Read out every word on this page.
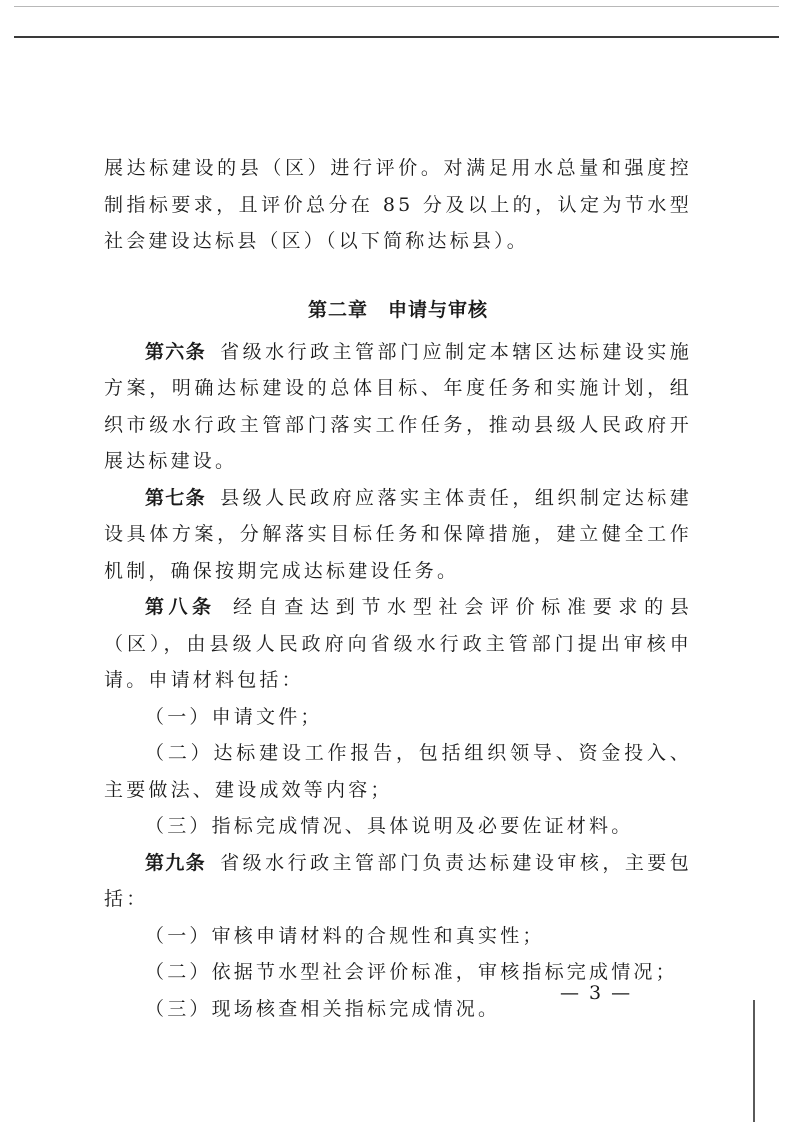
展达标建设的县（区）进行评价。对满足用水总量和强度控制指标要求，且评价总分在 85 分及以上的，认定为节水型社会建设达标县（区）（以下简称达标县）。

第二章 申请与审核

第六条 省级水行政主管部门应制定本辖区达标建设实施方案，明确达标建设的总体目标、年度任务和实施计划，组织市级水行政主管部门落实工作任务，推动县级人民政府开展达标建设。

第七条 县级人民政府应落实主体责任，组织制定达标建设具体方案，分解落实目标任务和保障措施，建立健全工作机制，确保按期完成达标建设任务。

第八条 经自查达到节水型社会评价标准要求的县（区），由县级人民政府向省级水行政主管部门提出审核申请。申请材料包括：

（一）申请文件；

（二）达标建设工作报告，包括组织领导、资金投入、主要做法、建设成效等内容；

（三）指标完成情况、具体说明及必要佐证材料。

第九条 省级水行政主管部门负责达标建设审核，主要包括：

（一）审核申请材料的合规性和真实性；

（二）依据节水型社会评价标准，审核指标完成情况；

（三）现场核查相关指标完成情况。

— 3 —
